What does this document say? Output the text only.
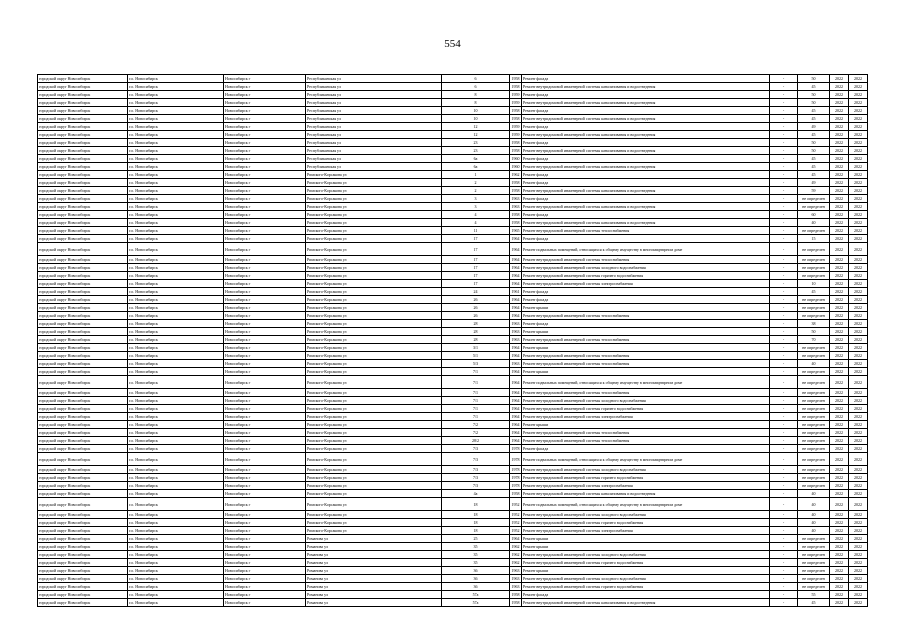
554
городской округ Новосибирск	г.о. Новосибирск	Новосибирск г	Республиканская ул	6	1958	Ремонт фасада	-	50	2022	2022
городской округ Новосибирск	г.о. Новосибирск	Новосибирск г	Республиканская ул	6	1958	Ремонт внутридомовой инженерной системы канализования и водоотведения	-	45	2022	2022
городской округ Новосибирск	г.о. Новосибирск	Новосибирск г	Республиканская ул	8	1959	Ремонт фасада	-	50	2022	2022
городской округ Новосибирск	г.о. Новосибирск	Новосибирск г	Республиканская ул	8	1959	Ремонт внутридомовой инженерной системы канализования и водоотведения	-	50	2022	2022
городской округ Новосибирск	г.о. Новосибирск	Новосибирск г	Республиканская ул	10	1958	Ремонт фасада	-	45	2022	2022
городской округ Новосибирск	г.о. Новосибирск	Новосибирск г	Республиканская ул	10	1958	Ремонт внутридомовой инженерной системы канализования и водоотведения	-	45	2022	2022
городской округ Новосибирск	г.о. Новосибирск	Новосибирск г	Республиканская ул	12	1959	Ремонт фасада	-	49	2022	2022
городской округ Новосибирск	г.о. Новосибирск	Новосибирск г	Республиканская ул	12	1959	Ремонт внутридомовой инженерной системы канализования и водоотведения	-	45	2022	2022
городской округ Новосибирск	г.о. Новосибирск	Новосибирск г	Республиканская ул	23	1958	Ремонт фасада	-	50	2022	2022
городской округ Новосибирск	г.о. Новосибирск	Новосибирск г	Республиканская ул	23	1958	Ремонт внутридомовой инженерной системы канализования и водоотведения	-	50	2022	2022
городской округ Новосибирск	г.о. Новосибирск	Новосибирск г	Республиканская ул	6а	1960	Ремонт фасада	-	45	2022	2022
городской округ Новосибирск	г.о. Новосибирск	Новосибирск г	Республиканская ул	6а	1960	Ремонт внутридомовой инженерной системы канализования и водоотведения	-	45	2022	2022
городской округ Новосибирск	г.о. Новосибирск	Новосибирск г	Римского-Корсакова ул	1	1962	Ремонт фасада	-	45	2022	2022
городской округ Новосибирск	г.о. Новосибирск	Новосибирск г	Римского-Корсакова ул	2	1958	Ремонт фасада	-	49	2022	2022
городской округ Новосибирск	г.о. Новосибирск	Новосибирск г	Римского-Корсакова ул	2	1958	Ремонт внутридомовой инженерной системы канализования и водоотведения	-	59	2022	2022
городской округ Новосибирск	г.о. Новосибирск	Новосибирск г	Римского-Корсакова ул	3	1963	Ремонт фасада	-	не определен	2022	2022
городской округ Новосибирск	г.о. Новосибирск	Новосибирск г	Римского-Корсакова ул	3	1963	Ремонт внутридомовой инженерной системы канализования и водоотведения	-	не определен	2022	2022
городской округ Новосибирск	г.о. Новосибирск	Новосибирск г	Римского-Корсакова ул	4	1958	Ремонт фасада	-	60	2022	2022
городской округ Новосибирск	г.о. Новосибирск	Новосибирск г	Римского-Корсакова ул	4	1958	Ремонт внутридомовой инженерной системы канализования и водоотведения	-	40	2022	2022
городской округ Новосибирск	г.о. Новосибирск	Новосибирск г	Римского-Корсакова ул	11	1965	Ремонт внутридомовой инженерной системы теплоснабжения	-	не определен	2022	2022
городской округ Новосибирск	г.о. Новосибирск	Новосибирск г	Римского-Корсакова ул	17	1964	Ремонт фасада	-	15	2022	2022
городской округ Новосибирск	г.о. Новосибирск	Новосибирск г	Римского-Корсакова ул	17	1964	Ремонт подвальных помещений, относящихся к общему имуществу в многоквартирном доме	-	не определен	2022	2022
городской округ Новосибирск	г.о. Новосибирск	Новосибирск г	Римского-Корсакова ул	17	1964	Ремонт внутридомовой инженерной системы теплоснабжения	-	не определен	2022	2022
городской округ Новосибирск	г.о. Новосибирск	Новосибирск г	Римского-Корсакова ул	17	1964	Ремонт внутридомовой инженерной системы холодного водоснабжения	-	не определен	2022	2022
городской округ Новосибирск	г.о. Новосибирск	Новосибирск г	Римского-Корсакова ул	17	1964	Ремонт внутридомовой инженерной системы горячего водоснабжения	-	не определен	2022	2022
городской округ Новосибирск	г.о. Новосибирск	Новосибирск г	Римского-Корсакова ул	17	1964	Ремонт внутридомовой инженерной системы электроснабжения	-	10	2022	2022
городской округ Новосибирск	г.о. Новосибирск	Новосибирск г	Римского-Корсакова ул	24	1961	Ремонт фасада	-	45	2022	2022
городской округ Новосибирск	г.о. Новосибирск	Новосибирск г	Римского-Корсакова ул	26	1964	Ремонт фасада	-	не определен	2022	2022
городской округ Новосибирск	г.о. Новосибирск	Новосибирск г	Римского-Корсакова ул	26	1964	Ремонт крыши	-	не определен	2022	2022
городской округ Новосибирск	г.о. Новосибирск	Новосибирск г	Римского-Корсакова ул	26	1964	Ремонт внутридомовой инженерной системы теплоснабжения	-	не определен	2022	2022
городской округ Новосибирск	г.о. Новосибирск	Новосибирск г	Римского-Корсакова ул	28	1963	Ремонт фасада	-	38	2022	2022
городской округ Новосибирск	г.о. Новосибирск	Новосибирск г	Римского-Корсакова ул	28	1963	Ремонт крыши	-	50	2022	2022
городской округ Новосибирск	г.о. Новосибирск	Новосибирск г	Римского-Корсакова ул	28	1963	Ремонт внутридомовой инженерной системы теплоснабжения	-	70	2022	2022
городской округ Новосибирск	г.о. Новосибирск	Новосибирск г	Римского-Корсакова ул	3/1	1964	Ремонт крыши	-	не определен	2022	2022
городской округ Новосибирск	г.о. Новосибирск	Новосибирск г	Римского-Корсакова ул	5/1	1964	Ремонт внутридомовой инженерной системы теплоснабжения	-	не определен	2022	2022
городской округ Новосибирск	г.о. Новосибирск	Новосибирск г	Римского-Корсакова ул	5/3	1963	Ремонт внутридомовой инженерной системы теплоснабжения	-	40	2022	2022
городской округ Новосибирск	г.о. Новосибирск	Новосибирск г	Римского-Корсакова ул	7/1	1964	Ремонт крыши	-	не определен	2022	2022
городской округ Новосибирск	г.о. Новосибирск	Новосибирск г	Римского-Корсакова ул	7/1	1964	Ремонт подвальных помещений, относящихся к общему имуществу в многоквартирном доме	-	не определен	2022	2022
городской округ Новосибирск	г.о. Новосибирск	Новосибирск г	Римского-Корсакова ул	7/1	1964	Ремонт внутридомовой инженерной системы теплоснабжения	-	не определен	2022	2022
городской округ Новосибирск	г.о. Новосибирск	Новосибирск г	Римского-Корсакова ул	7/1	1964	Ремонт внутридомовой инженерной системы холодного водоснабжения	-	не определен	2022	2022
городской округ Новосибирск	г.о. Новосибирск	Новосибирск г	Римского-Корсакова ул	7/1	1964	Ремонт внутридомовой инженерной системы горячего водоснабжения	-	не определен	2022	2022
городской округ Новосибирск	г.о. Новосибирск	Новосибирск г	Римского-Корсакова ул	7/1	1964	Ремонт внутридомовой инженерной системы электроснабжения	-	не определен	2022	2022
городской округ Новосибирск	г.о. Новосибирск	Новосибирск г	Римского-Корсакова ул	7/2	1964	Ремонт крыши	-	не определен	2022	2022
городской округ Новосибирск	г.о. Новосибирск	Новосибирск г	Римского-Корсакова ул	7/2	1964	Ремонт внутридомовой инженерной системы теплоснабжения	-	не определен	2022	2022
городской округ Новосибирск	г.о. Новосибирск	Новосибирск г	Римского-Корсакова ул	28/2	1964	Ремонт внутридомовой инженерной системы теплоснабжения	-	не определен	2022	2022
городской округ Новосибирск	г.о. Новосибирск	Новосибирск г	Римского-Корсакова ул	7/3	1978	Ремонт фасада	-	не определен	2022	2022
городской округ Новосибирск	г.о. Новосибирск	Новосибирск г	Римского-Корсакова ул	7/3	1978	Ремонт подвальных помещений, относящихся к общему имуществу в многоквартирном доме	-	не определен	2022	2022
городской округ Новосибирск	г.о. Новосибирск	Новосибирск г	Римского-Корсакова ул	7/3	1978	Ремонт внутридомовой инженерной системы холодного водоснабжения	-	не определен	2022	2022
городской округ Новосибирск	г.о. Новосибирск	Новосибирск г	Римского-Корсакова ул	7/3	1978	Ремонт внутридомовой инженерной системы горячего водоснабжения	-	не определен	2022	2022
городской округ Новосибирск	г.о. Новосибирск	Новосибирск г	Римского-Корсакова ул	7/3	1978	Ремонт внутридомовой инженерной системы электроснабжения	-	не определен	2022	2022
городской округ Новосибирск	г.о. Новосибирск	Новосибирск г	Римского-Корсакова ул	4а	1958	Ремонт внутридомовой инженерной системы канализования и водоотведения	-	40	2022	2022
городской округ Новосибирск	г.о. Новосибирск	Новосибирск г	Римского-Корсакова ул	18	1952	Ремонт подвальных помещений, относящихся к общему имуществу в многоквартирном доме	-	40	2022	2022
городской округ Новосибирск	г.о. Новосибирск	Новосибирск г	Римского-Корсакова ул	18	1952	Ремонт внутридомовой инженерной системы холодного водоснабжения	-	40	2022	2022
городской округ Новосибирск	г.о. Новосибирск	Новосибирск г	Римского-Корсакова ул	18	1952	Ремонт внутридомовой инженерной системы горячего водоснабжения	-	40	2022	2022
городской округ Новосибирск	г.о. Новосибирск	Новосибирск г	Римского-Корсакова ул	18	1952	Ремонт внутридомовой инженерной системы электроснабжения	-	40	2022	2022
городской округ Новосибирск	г.о. Новосибирск	Новосибирск г	Романова ул	25	1964	Ремонт крыши	-	не определен	2022	2022
городской округ Новосибирск	г.о. Новосибирск	Новосибирск г	Романова ул	35	1962	Ремонт крыши	-	не определен	2022	2022
городской округ Новосибирск	г.о. Новосибирск	Новосибирск г	Романова ул	35	1962	Ремонт внутридомовой инженерной системы холодного водоснабжения	-	не определен	2022	2022
городской округ Новосибирск	г.о. Новосибирск	Новосибирск г	Романова ул	35	1962	Ремонт внутридомовой инженерной системы горячего водоснабжения	-	не определен	2022	2022
городской округ Новосибирск	г.о. Новосибирск	Новосибирск г	Романова ул	36	1963	Ремонт крыши	-	не определен	2022	2022
городской округ Новосибирск	г.о. Новосибирск	Новосибирск г	Романова ул	36	1963	Ремонт внутридомовой инженерной системы холодного водоснабжения	-	не определен	2022	2022
городской округ Новосибирск	г.о. Новосибирск	Новосибирск г	Романова ул	36	1963	Ремонт внутридомовой инженерной системы горячего водоснабжения	-	не определен	2022	2022
городской округ Новосибирск	г.о. Новосибирск	Новосибирск г	Романова ул	57а	1958	Ремонт фасада	-	55	2022	2022
городской округ Новосибирск	г.о. Новосибирск	Новосибирск г	Романова ул	57а	1958	Ремонт внутридомовой инженерной системы канализования и водоотведения	-	45	2022	2022
